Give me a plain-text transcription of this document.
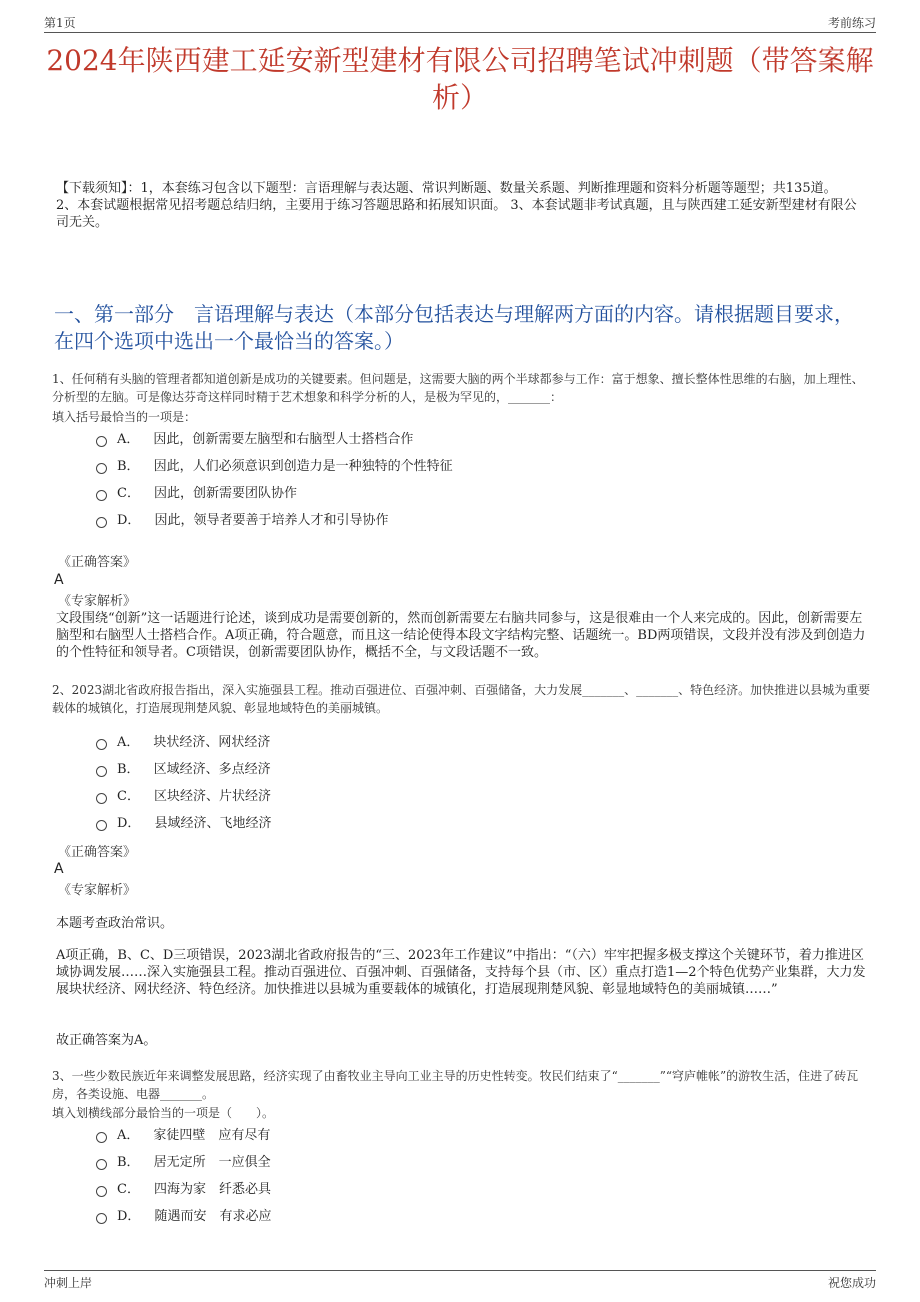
第1页	考前练习
2024年陕西建工延安新型建材有限公司招聘笔试冲刺题（带答案解析）
【下载须知】：1，本套练习包含以下题型：言语理解与表达题、常识判断题、数量关系题、判断推理题和资料分析题等题型；共135道。 2、本套试题根据常见招考题总结归纳，主要用于练习答题思路和拓展知识面。 3、本套试题非考试真题，且与陕西建工延安新型建材有限公司无关。
一、第一部分　言语理解与表达（本部分包括表达与理解两方面的内容。请根据题目要求，在四个选项中选出一个最恰当的答案。）
1、任何稍有头脑的管理者都知道创新是成功的关键要素。但问题是，这需要大脑的两个半球都参与工作：富于想象、擅长整体性思维的右脑，加上理性、分析型的左脑。可是像达芬奇这样同时精于艺术想象和科学分析的人，是极为罕见的，_______：
填入括号最恰当的一项是：
A． 因此，创新需要左脑型和右脑型人士搭档合作
B． 因此，人们必须意识到创造力是一种独特的个性特征
C． 因此，创新需要团队协作
D． 因此，领导者要善于培养人才和引导协作
《正确答案》
A
《专家解析》
文段围绕“创新”这一话题进行论述，谈到成功是需要创新的，然而创新需要左右脑共同参与，这是很难由一个人来完成的。因此，创新需要左脑型和右脑型人士搭档合作。A项正确，符合题意，而且这一结论使得本段文字结构完整、话题统一。BD两项错误，文段并没有涉及到创造力的个性特征和领导者。C项错误，创新需要团队协作，概括不全，与文段话题不一致。
2、2023湖北省政府报告指出，深入实施强县工程。推动百强进位、百强冲刺、百强储备，大力发展_______、_______、特色经济。加快推进以县城为重要载体的城镇化，打造展现荆楚风貌、彰显地域特色的美丽城镇。
A． 块状经济、网状经济
B． 区域经济、多点经济
C． 区块经济、片状经济
D． 县域经济、飞地经济
《正确答案》
A
《专家解析》
本题考查政治常识。
A项正确，B、C、D三项错误，2023湖北省政府报告的“三、2023年工作建议”中指出：“（六）牢牢把握多极支撑这个关键环节，着力推进区域协调发展……深入实施强县工程。推动百强进位、百强冲刺、百强储备，支持每个县（市、区）重点打造1—2个特色优势产业集群，大力发展块状经济、网状经济、特色经济。加快推进以县城为重要载体的城镇化，打造展现荆楚风貌、彰显地域特色的美丽城镇……”
故正确答案为A。
3、一些少数民族近年来调整发展思路，经济实现了由畜牧业主导向工业主导的历史性转变。牧民们结束了“_______”“穹庐帷帐”的游牧生活，住进了砖瓦房，各类设施、电器_______。
填入划横线部分最恰当的一项是（　　）。
A． 家徒四壁　应有尽有
B． 居无定所　一应俱全
C． 四海为家　纤悉必具
D． 随遇而安　有求必应
冲刺上岸	祝您成功
